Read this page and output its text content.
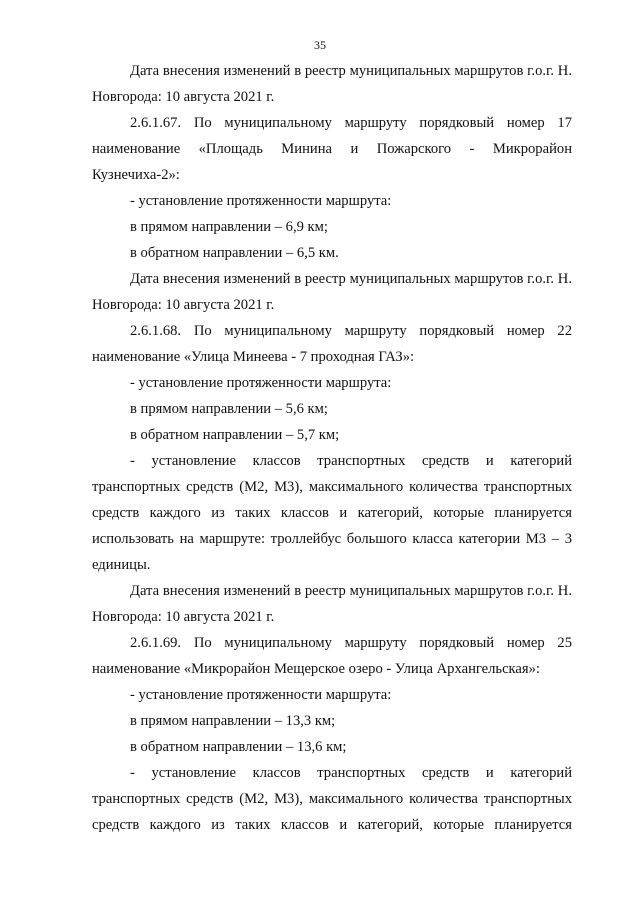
35

Дата внесения изменений в реестр муниципальных маршрутов г.о.г. Н. Новгорода: 10 августа 2021 г.

2.6.1.67. По муниципальному маршруту порядковый номер 17 наименование «Площадь Минина и Пожарского - Микрорайон Кузнечиха-2»:

- установление протяженности маршрута:

в прямом направлении – 6,9 км;

в обратном направлении – 6,5 км.

Дата внесения изменений в реестр муниципальных маршрутов г.о.г. Н. Новгорода: 10 августа 2021 г.

2.6.1.68. По муниципальному маршруту порядковый номер 22 наименование «Улица Минеева - 7 проходная ГАЗ»:

- установление протяженности маршрута:

в прямом направлении – 5,6 км;

в обратном направлении – 5,7 км;

- установление классов транспортных средств и категорий транспортных средств (М2, М3), максимального количества транспортных средств каждого из таких классов и категорий, которые планируется использовать на маршруте: троллейбус большого класса категории М3 – 3 единицы.

Дата внесения изменений в реестр муниципальных маршрутов г.о.г. Н. Новгорода: 10 августа 2021 г.

2.6.1.69. По муниципальному маршруту порядковый номер 25 наименование «Микрорайон Мещерское озеро - Улица Архангельская»:

- установление протяженности маршрута:

в прямом направлении – 13,3 км;

в обратном направлении – 13,6 км;

- установление классов транспортных средств и категорий транспортных средств (М2, М3), максимального количества транспортных средств каждого из таких классов и категорий, которые планируется
